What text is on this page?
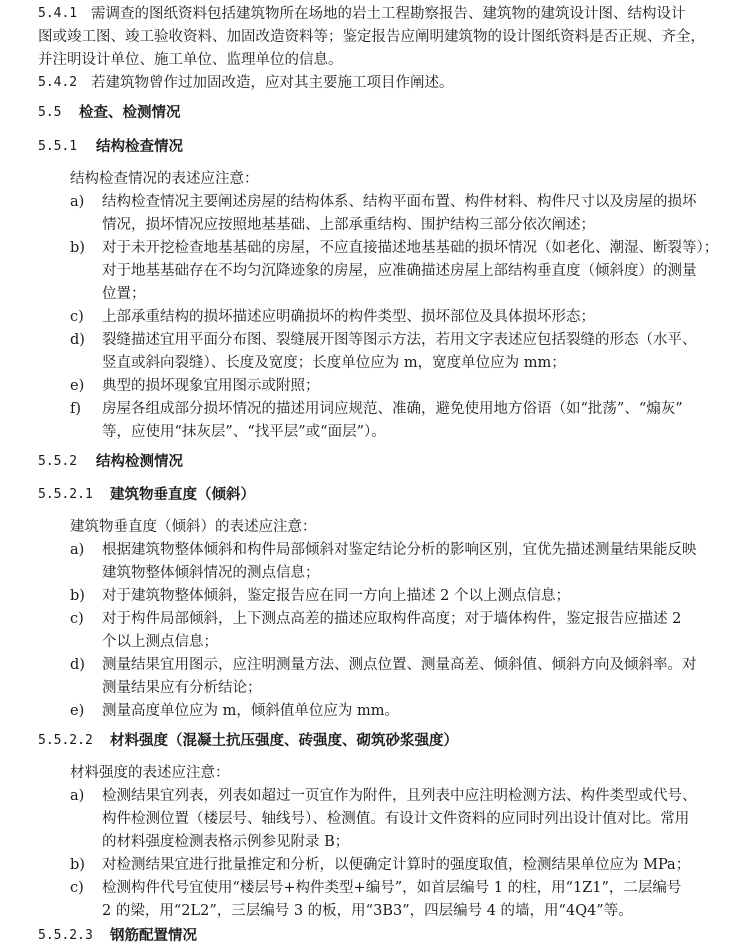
5.4.1 需调查的图纸资料包括建筑物所在场地的岩土工程勘察报告、建筑物的建筑设计图、结构设计
图或竣工图、竣工验收资料、加固改造资料等；鉴定报告应阐明建筑物的设计图纸资料是否正规、齐全，
并注明设计单位、施工单位、监理单位的信息。
5.4.2 若建筑物曾作过加固改造，应对其主要施工项目作阐述。
5.5 检查、检测情况
5.5.1 结构检查情况
结构检查情况的表述应注意：
a)	结构检查情况主要阐述房屋的结构体系、结构平面布置、构件材料、构件尺寸以及房屋的损坏
情况，损坏情况应按照地基基础、上部承重结构、围护结构三部分依次阐述；
b)	对于未开挖检查地基基础的房屋，不应直接描述地基基础的损坏情况（如老化、潮湿、断裂等）；
对于地基基础存在不均匀沉降迹象的房屋，应准确描述房屋上部结构垂直度（倾斜度）的测量
位置；
c)	上部承重结构的损坏描述应明确损坏的构件类型、损坏部位及具体损坏形态；
d)	裂缝描述宜用平面分布图、裂缝展开图等图示方法，若用文字表述应包括裂缝的形态（水平、
竖直或斜向裂缝）、长度及宽度；长度单位应为 m，宽度单位应为 mm；
e)	典型的损坏现象宜用图示或附照；
f)	房屋各组成部分损坏情况的描述用词应规范、准确，避免使用地方俗语（如“批荡”、“煽灰”
等，应使用“抹灰层”、“找平层”或“面层”）。
5.5.2 结构检测情况
5.5.2.1 建筑物垂直度（倾斜）
建筑物垂直度（倾斜）的表述应注意：
a)	根据建筑物整体倾斜和构件局部倾斜对鉴定结论分析的影响区别，宜优先描述测量结果能反映
建筑物整体倾斜情况的测点信息；
b)	对于建筑物整体倾斜，鉴定报告应在同一方向上描述 2 个以上测点信息；
c)	对于构件局部倾斜，上下测点高差的描述应取构件高度；对于墙体构件，鉴定报告应描述 2
个以上测点信息；
d)	测量结果宜用图示，应注明测量方法、测点位置、测量高差、倾斜值、倾斜方向及倾斜率。对
测量结果应有分析结论；
e)	测量高度单位应为 m，倾斜值单位应为 mm。
5.5.2.2 材料强度（混凝土抗压强度、砖强度、砌筑砂浆强度）
材料强度的表述应注意：
a)	检测结果宜列表，列表如超过一页宜作为附件，且列表中应注明检测方法、构件类型或代号、
构件检测位置（楼层号、轴线号）、检测值。有设计文件资料的应同时列出设计值对比。常用
的材料强度检测表格示例参见附录 B；
b)	对检测结果宜进行批量推定和分析，以便确定计算时的强度取值，检测结果单位应为 MPa；
c)	检测构件代号宜使用“楼层号+构件类型+编号”，如首层编号 1 的柱，用“1Z1”，二层编号
2 的梁，用“2L2”，三层编号 3 的板，用“3B3”，四层编号 4 的墙，用“4Q4”等。
5.5.2.3 钢筋配置情况
